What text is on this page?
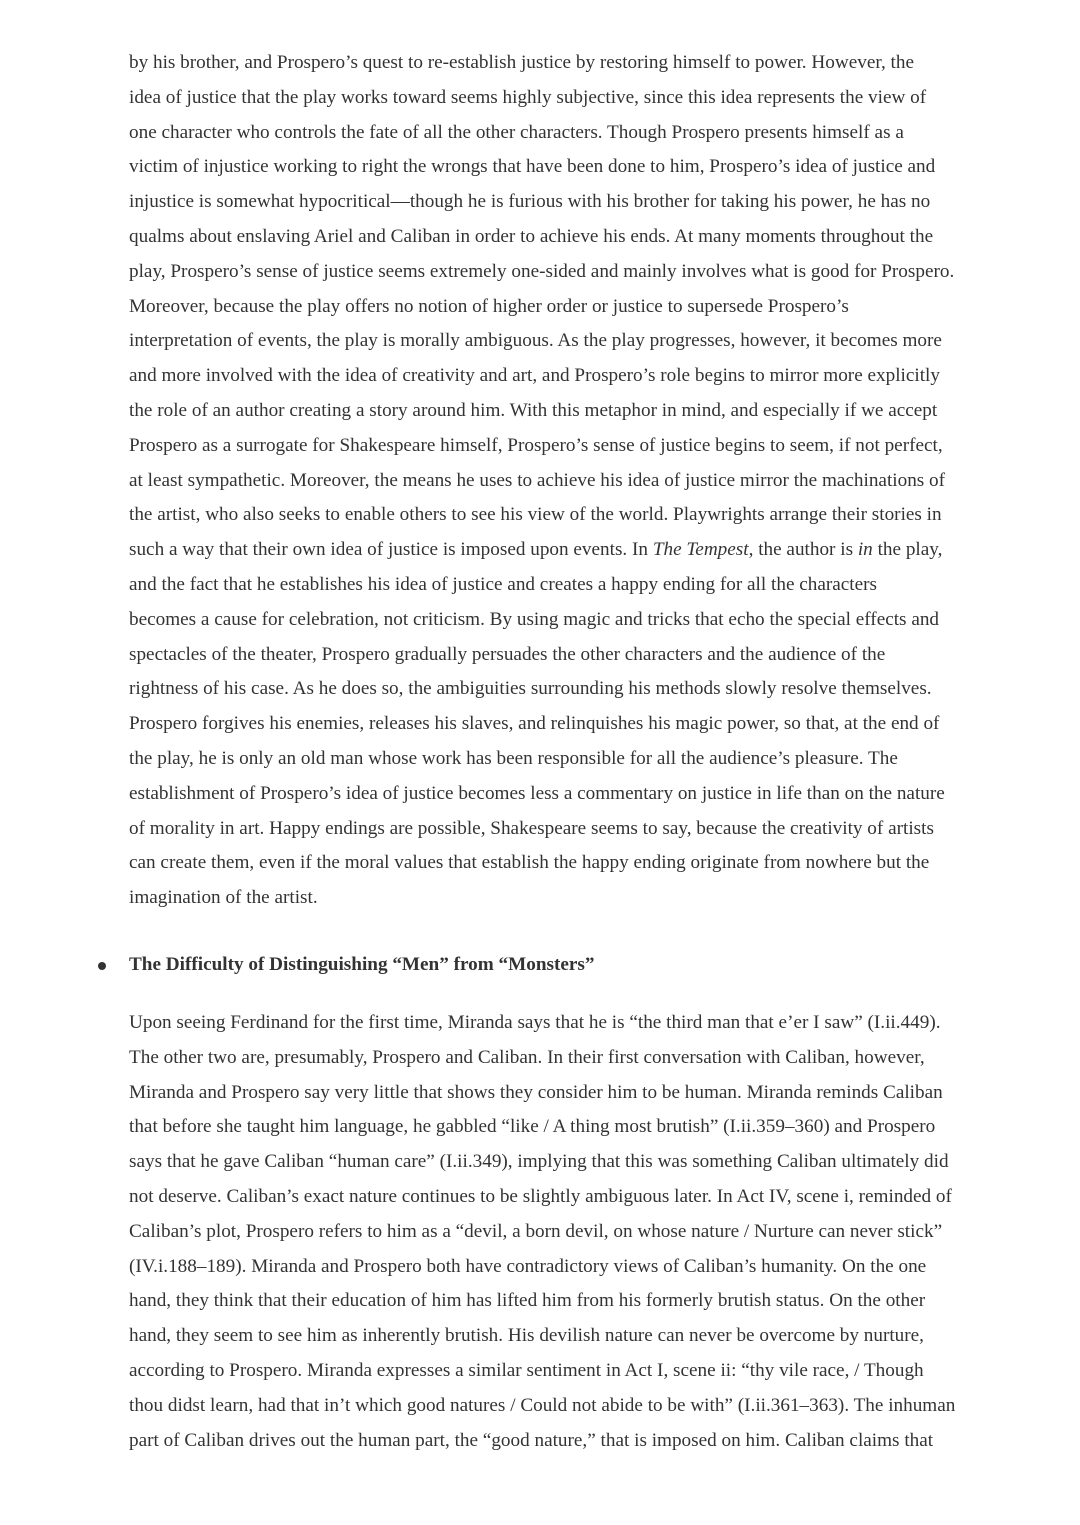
by his brother, and Prospero’s quest to re-establish justice by restoring himself to power. However, the
idea of justice that the play works toward seems highly subjective, since this idea represents the view of
one character who controls the fate of all the other characters. Though Prospero presents himself as a
victim of injustice working to right the wrongs that have been done to him, Prospero’s idea of justice and
injustice is somewhat hypocritical—though he is furious with his brother for taking his power, he has no
qualms about enslaving Ariel and Caliban in order to achieve his ends. At many moments throughout the
play, Prospero’s sense of justice seems extremely one-sided and mainly involves what is good for Prospero.
Moreover, because the play offers no notion of higher order or justice to supersede Prospero’s
interpretation of events, the play is morally ambiguous. As the play progresses, however, it becomes more
and more involved with the idea of creativity and art, and Prospero’s role begins to mirror more explicitly
the role of an author creating a story around him. With this metaphor in mind, and especially if we accept
Prospero as a surrogate for Shakespeare himself, Prospero’s sense of justice begins to seem, if not perfect,
at least sympathetic. Moreover, the means he uses to achieve his idea of justice mirror the machinations of
the artist, who also seeks to enable others to see his view of the world. Playwrights arrange their stories in
such a way that their own idea of justice is imposed upon events. In The Tempest, the author is in the play,
and the fact that he establishes his idea of justice and creates a happy ending for all the characters
becomes a cause for celebration, not criticism. By using magic and tricks that echo the special effects and
spectacles of the theater, Prospero gradually persuades the other characters and the audience of the
rightness of his case. As he does so, the ambiguities surrounding his methods slowly resolve themselves.
Prospero forgives his enemies, releases his slaves, and relinquishes his magic power, so that, at the end of
the play, he is only an old man whose work has been responsible for all the audience’s pleasure. The
establishment of Prospero’s idea of justice becomes less a commentary on justice in life than on the nature
of morality in art. Happy endings are possible, Shakespeare seems to say, because the creativity of artists
can create them, even if the moral values that establish the happy ending originate from nowhere but the
imagination of the artist.
The Difficulty of Distinguishing “Men” from “Monsters”
Upon seeing Ferdinand for the first time, Miranda says that he is “the third man that e’er I saw” (I.ii.449).
The other two are, presumably, Prospero and Caliban. In their first conversation with Caliban, however,
Miranda and Prospero say very little that shows they consider him to be human. Miranda reminds Caliban
that before she taught him language, he gabbled “like / A thing most brutish” (I.ii.359–360) and Prospero
says that he gave Caliban “human care” (I.ii.349), implying that this was something Caliban ultimately did
not deserve. Caliban’s exact nature continues to be slightly ambiguous later. In Act IV, scene i, reminded of
Caliban’s plot, Prospero refers to him as a “devil, a born devil, on whose nature / Nurture can never stick”
(IV.i.188–189). Miranda and Prospero both have contradictory views of Caliban’s humanity. On the one
hand, they think that their education of him has lifted him from his formerly brutish status. On the other
hand, they seem to see him as inherently brutish. His devilish nature can never be overcome by nurture,
according to Prospero. Miranda expresses a similar sentiment in Act I, scene ii: “thy vile race, / Though
thou didst learn, had that in’t which good natures / Could not abide to be with” (I.ii.361–363). The inhuman
part of Caliban drives out the human part, the “good nature,” that is imposed on him. Caliban claims that
